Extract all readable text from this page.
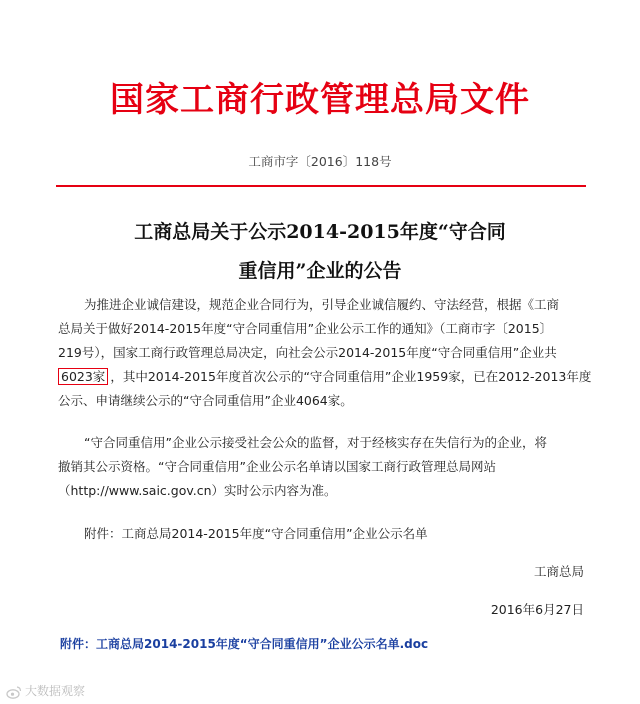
国家工商行政管理总局文件
工商市字〔2016〕118号
工商总局关于公示2014-2015年度“守合同
重信用”企业的公告
为推进企业诚信建设，规范企业合同行为，引导企业诚信履约、守法经营，根据《工商
总局关于做好2014-2015年度“守合同重信用”企业公示工作的通知》（工商市字〔2015〕
219号），国家工商行政管理总局决定，向社会公示2014-2015年度“守合同重信用”企业共
6023家 ，其中2014-2015年度首次公示的“守合同重信用”企业1959家，已在2012-2013年度
公示、申请继续公示的“守合同重信用”企业4064家。
“守合同重信用”企业公示接受社会公众的监督，对于经核实存在失信行为的企业，将
撤销其公示资格。“守合同重信用”企业公示名单请以国家工商行政管理总局网站
（http://www.saic.gov.cn）实时公示内容为准。
附件：工商总局2014-2015年度“守合同重信用”企业公示名单
工商总局
2016年6月27日
附件：工商总局2014-2015年度“守合同重信用”企业公示名单.doc
大数据观察
